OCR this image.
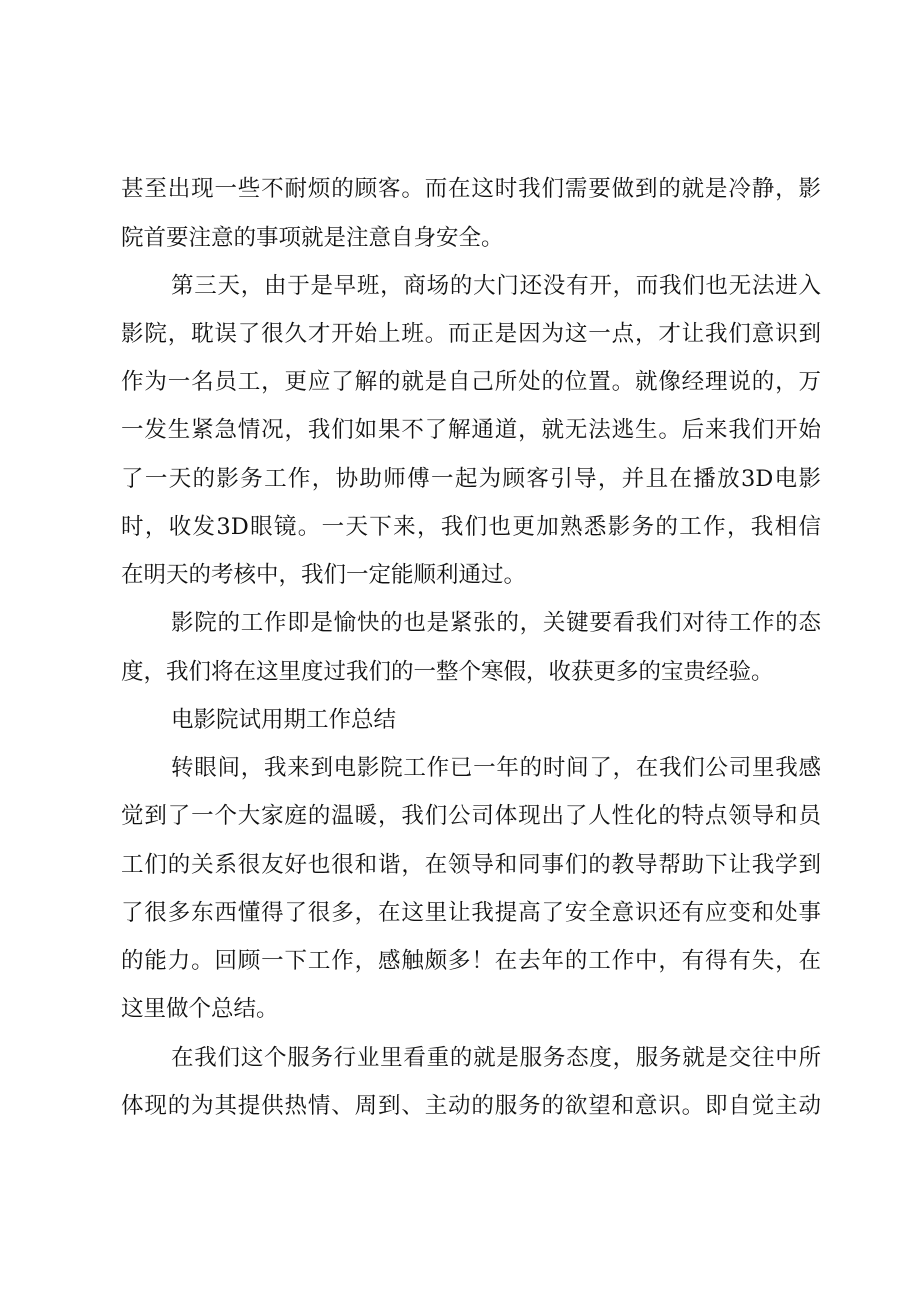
甚至出现一些不耐烦的顾客。而在这时我们需要做到的就是冷静，影
院首要注意的事项就是注意自身安全。
第三天，由于是早班，商场的大门还没有开，而我们也无法进入
影院，耽误了很久才开始上班。而正是因为这一点，才让我们意识到
作为一名员工，更应了解的就是自己所处的位置。就像经理说的，万
一发生紧急情况，我们如果不了解通道，就无法逃生。后来我们开始
了一天的影务工作，协助师傅一起为顾客引导，并且在播放3D电影
时，收发3D眼镜。一天下来，我们也更加熟悉影务的工作，我相信
在明天的考核中，我们一定能顺利通过。
影院的工作即是愉快的也是紧张的，关键要看我们对待工作的态
度，我们将在这里度过我们的一整个寒假，收获更多的宝贵经验。
电影院试用期工作总结
转眼间，我来到电影院工作已一年的时间了，在我们公司里我感
觉到了一个大家庭的温暖，我们公司体现出了人性化的特点领导和员
工们的关系很友好也很和谐，在领导和同事们的教导帮助下让我学到
了很多东西懂得了很多，在这里让我提高了安全意识还有应变和处事
的能力。回顾一下工作，感触颇多！在去年的工作中，有得有失，在
这里做个总结。
在我们这个服务行业里看重的就是服务态度，服务就是交往中所
体现的为其提供热情、周到、主动的服务的欲望和意识。即自觉主动
